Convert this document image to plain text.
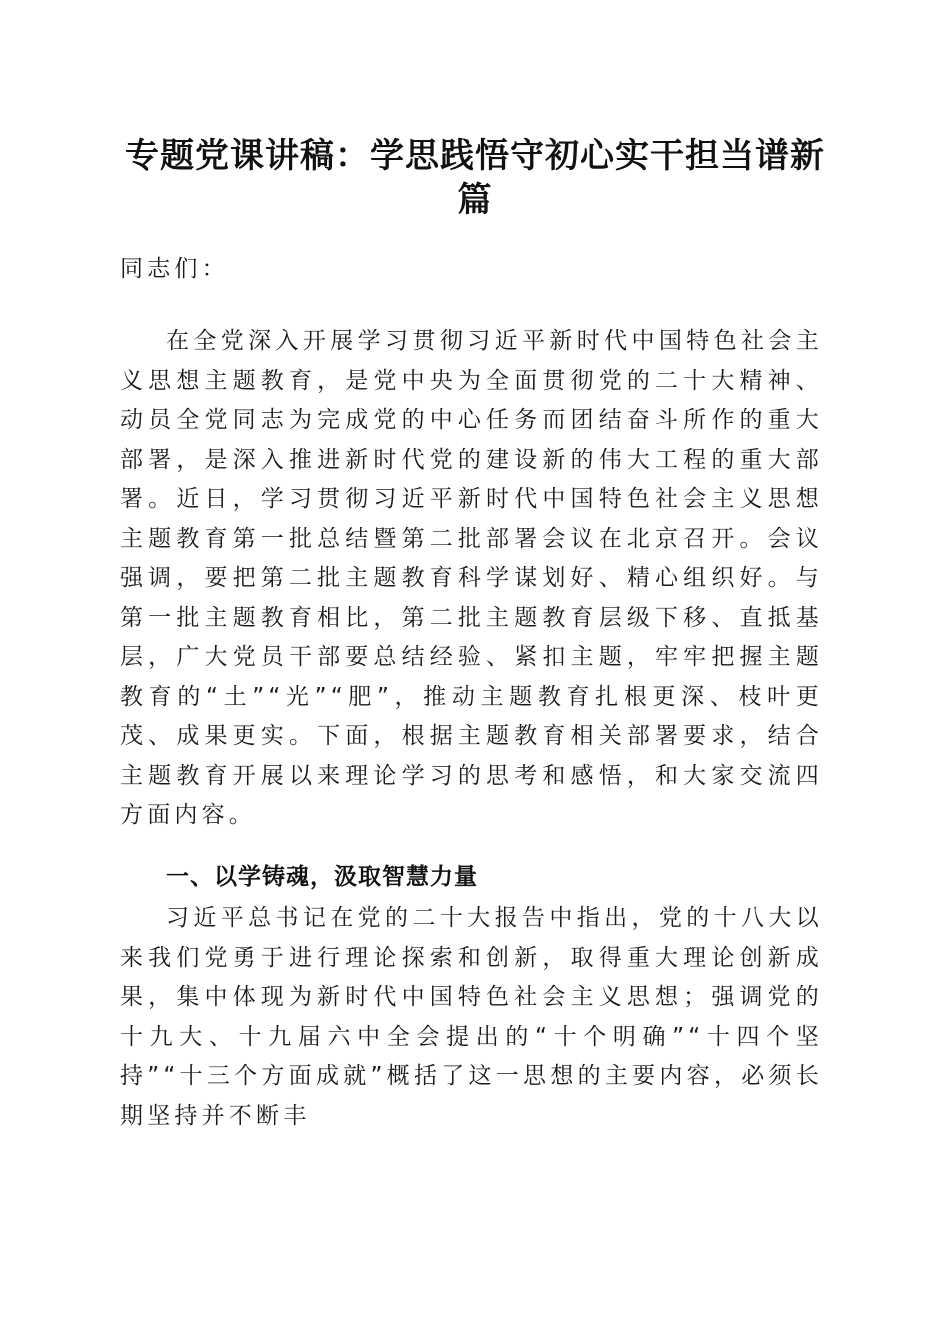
专题党课讲稿：学思践悟守初心实干担当谱新篇

同志们：

在全党深入开展学习贯彻习近平新时代中国特色社会主义思想主题教育，是党中央为全面贯彻党的二十大精神、动员全党同志为完成党的中心任务而团结奋斗所作的重大部署，是深入推进新时代党的建设新的伟大工程的重大部署。近日，学习贯彻习近平新时代中国特色社会主义思想主题教育第一批总结暨第二批部署会议在北京召开。会议强调，要把第二批主题教育科学谋划好、精心组织好。与第一批主题教育相比，第二批主题教育层级下移、直抵基层，广大党员干部要总结经验、紧扣主题，牢牢把握主题教育的“土”“光”“肥”，推动主题教育扎根更深、枝叶更茂、成果更实。下面，根据主题教育相关部署要求，结合主题教育开展以来理论学习的思考和感悟，和大家交流四方面内容。

一、以学铸魂，汲取智慧力量

习近平总书记在党的二十大报告中指出，党的十八大以来我们党勇于进行理论探索和创新，取得重大理论创新成果，集中体现为新时代中国特色社会主义思想；强调党的十九大、十九届六中全会提出的“十个明确”“十四个坚持”“十三个方面成就”概括了这一思想的主要内容，必须长期坚持并不断丰
